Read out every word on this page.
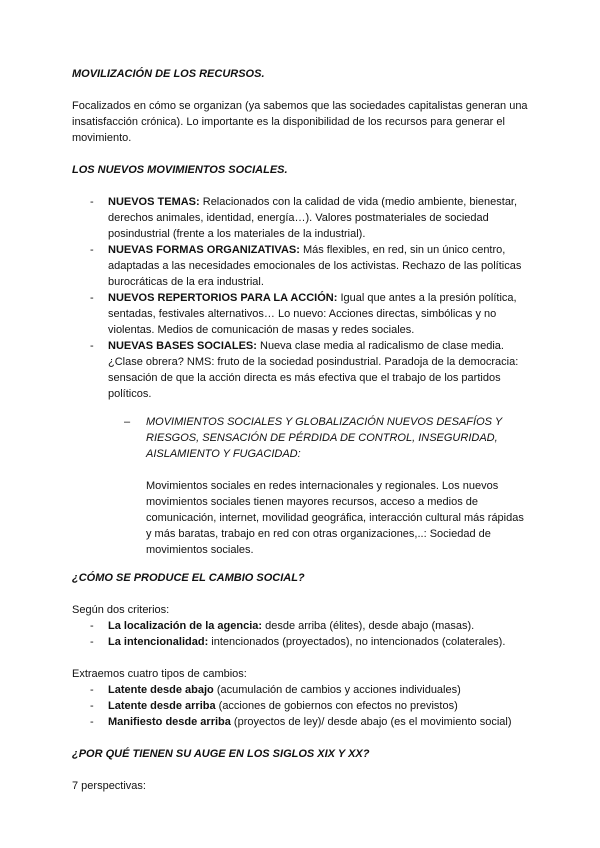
MOVILIZACIÓN DE LOS RECURSOS.

Focalizados en cómo se organizan (ya sabemos que las sociedades capitalistas generan una insatisfacción crónica). Lo importante es la disponibilidad de los recursos para generar el movimiento.

LOS NUEVOS MOVIMIENTOS SOCIALES.
- NUEVOS TEMAS: Relacionados con la calidad de vida (medio ambiente, bienestar, derechos animales, identidad, energía…). Valores postmateriales de sociedad posindustrial (frente a los materiales de la industrial).
- NUEVAS FORMAS ORGANIZATIVAS: Más flexibles, en red, sin un único centro, adaptadas a las necesidades emocionales de los activistas. Rechazo de las políticas burocráticas de la era industrial.
- NUEVOS REPERTORIOS PARA LA ACCIÓN: Igual que antes a la presión política, sentadas, festivales alternativos… Lo nuevo: Acciones directas, simbólicas y no violentas. Medios de comunicación de masas y redes sociales.
- NUEVAS BASES SOCIALES: Nueva clase media al radicalismo de clase media. ¿Clase obrera? NMS: fruto de la sociedad posindustrial. Paradoja de la democracia: sensación de que la acción directa es más efectiva que el trabajo de los partidos políticos.
– MOVIMIENTOS SOCIALES Y GLOBALIZACIÓN NUEVOS DESAFÍOS Y RIESGOS, SENSACIÓN DE PÉRDIDA DE CONTROL, INSEGURIDAD, AISLAMIENTO Y FUGACIDAD:

Movimientos sociales en redes internacionales y regionales. Los nuevos movimientos sociales tienen mayores recursos, acceso a medios de comunicación, internet, movilidad geográfica, interacción cultural más rápidas y más baratas, trabajo en red con otras organizaciones,..: Sociedad de movimientos sociales.

¿CÓMO SE PRODUCE EL CAMBIO SOCIAL?

Según dos criterios:

- La localización de la agencia: desde arriba (élites), desde abajo (masas).
- La intencionalidad: intencionados (proyectados), no intencionados (colaterales).

Extraemos cuatro tipos de cambios:

- Latente desde abajo (acumulación de cambios y acciones individuales)
- Latente desde arriba (acciones de gobiernos con efectos no previstos)
- Manifiesto desde arriba (proyectos de ley)/ desde abajo (es el movimiento social)
¿POR QUÉ TIENEN SU AUGE EN LOS SIGLOS XIX Y XX?

7 perspectivas:
